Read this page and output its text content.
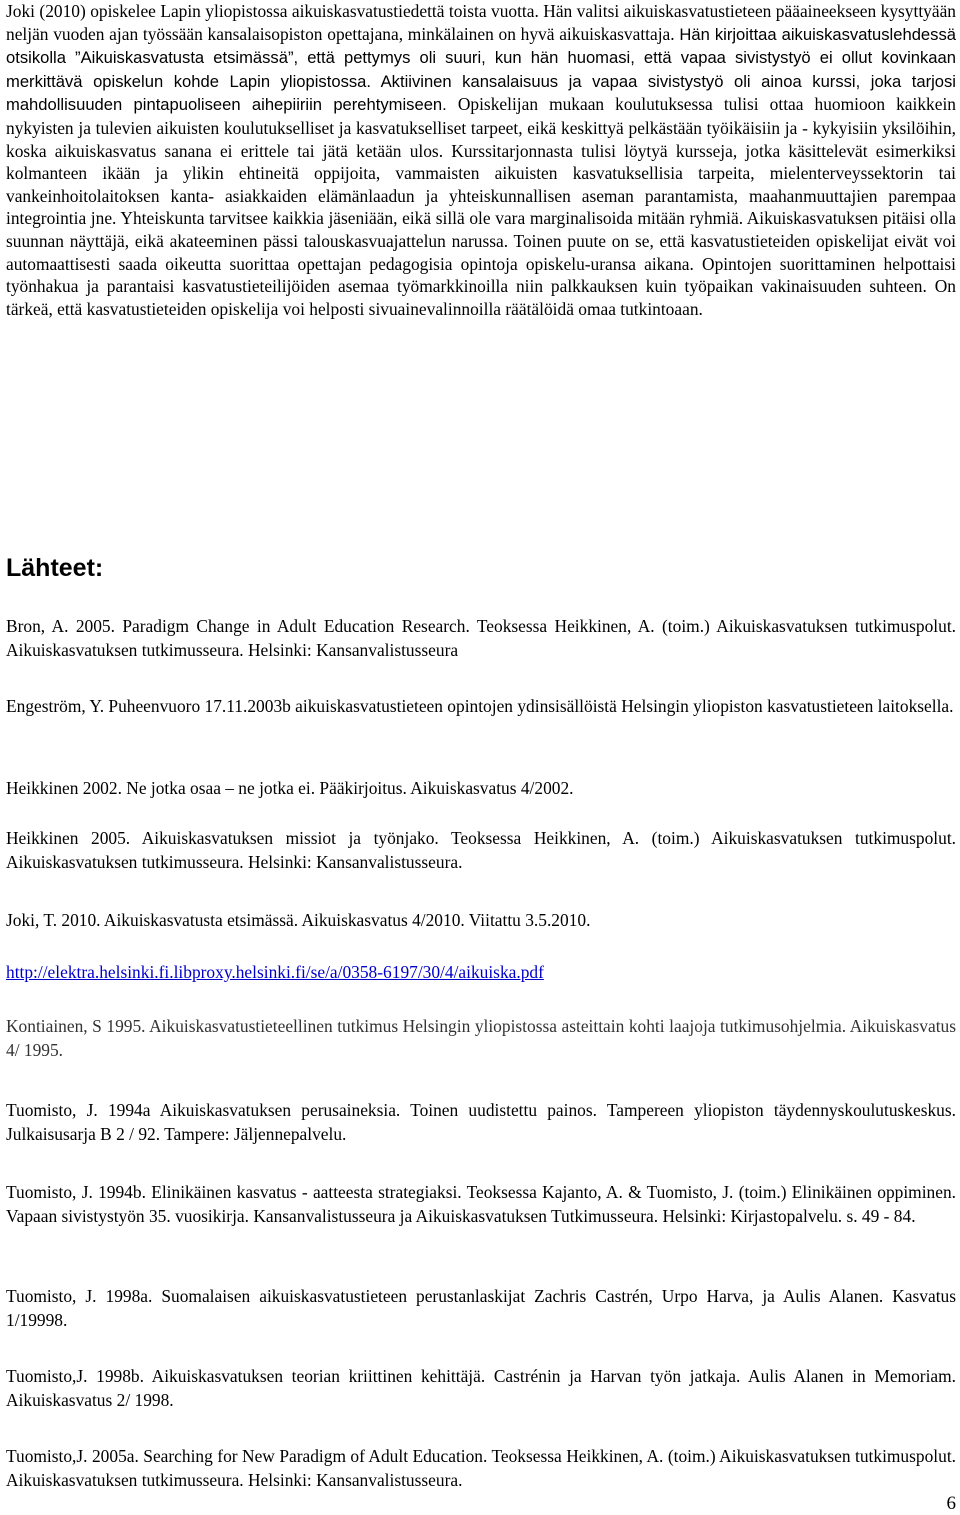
Joki (2010) opiskelee Lapin yliopistossa aikuiskasvatustiedettä toista vuotta. Hän valitsi aikuiskasvatustieteen pääaineekseen kysyttyään neljän vuoden ajan työssään kansalaisopiston opettajana, minkälainen on hyvä aikuiskasvattaja. Hän kirjoittaa aikuiskasvatuslehdessä otsikolla ”Aikuiskasvatusta etsimässä”, että pettymys oli suuri, kun hän huomasi, että vapaa sivistystyö ei ollut kovinkaan merkittävä opiskelun kohde Lapin yliopistossa. Aktiivinen kansalaisuus ja vapaa sivistystyö oli ainoa kurssi, joka tarjosi mahdollisuuden pintapuoliseen aihepiiriin perehtymiseen. Opiskelijan mukaan koulutuksessa tulisi ottaa huomioon kaikkein nykyisten ja tulevien aikuisten koulutukselliset ja kasvatukselliset tarpeet, eikä keskittyä pelkästään työikäisiin ja - kykyisiin yksilöihin, koska aikuiskasvatus sanana ei erittele tai jätä ketään ulos. Kurssitarjonnasta tulisi löytyä kursseja, jotka käsittelevät esimerkiksi kolmanteen ikään ja ylikin ehtineitä oppijoita, vammaisten aikuisten kasvatuksellisia tarpeita, mielenterveyssektorin tai vankeinhoitolaitoksen kanta- asiakkaiden elämänlaadun ja yhteiskunnallisen aseman parantamista, maahanmuuttajien parempaa integrointia jne. Yhteiskunta tarvitsee kaikkia jäseniään, eikä sillä ole vara marginalisoida mitään ryhmiä. Aikuiskasvatuksen pitäisi olla suunnan näyttäjä, eikä akateeminen pässi talouskasvuajattelun narussa. Toinen puute on se, että kasvatustieteiden opiskelijat eivät voi automaattisesti saada oikeutta suorittaa opettajan pedagogisia opintoja opiskelu-uransa aikana. Opintojen suorittaminen helpottaisi työnhakua ja parantaisi kasvatustieteilijöiden asemaa työmarkkinoilla niin palkkauksen kuin työpaikan vakinaisuuden suhteen. On tärkeä, että kasvatustieteiden opiskelija voi helposti sivuainevalinnoilla räätälöidä omaa tutkintoaan.

Lähteet:
Bron, A. 2005. Paradigm Change in Adult Education Research. Teoksessa Heikkinen, A. (toim.) Aikuiskasvatuksen tutkimuspolut. Aikuiskasvatuksen tutkimusseura. Helsinki: Kansanvalistusseura
Engeström, Y. Puheenvuoro 17.11.2003b aikuiskasvatustieteen opintojen ydinsisällöistä Helsingin yliopiston kasvatustieteen laitoksella.
Heikkinen 2002. Ne jotka osaa – ne jotka ei. Pääkirjoitus. Aikuiskasvatus 4/2002.
Heikkinen 2005. Aikuiskasvatuksen missiot ja työnjako. Teoksessa Heikkinen, A. (toim.) Aikuiskasvatuksen tutkimuspolut. Aikuiskasvatuksen tutkimusseura. Helsinki: Kansanvalistusseura.
Joki, T. 2010. Aikuiskasvatusta etsimässä. Aikuiskasvatus 4/2010. Viitattu 3.5.2010.
http://elektra.helsinki.fi.libproxy.helsinki.fi/se/a/0358-6197/30/4/aikuiska.pdf
Kontiainen, S 1995. Aikuiskasvatustieteellinen tutkimus Helsingin yliopistossa asteittain kohti laajoja tutkimusohjelmia. Aikuiskasvatus 4/ 1995.
Tuomisto, J. 1994a Aikuiskasvatuksen perusaineksia. Toinen uudistettu painos. Tampereen yliopiston täydennyskoulutuskeskus. Julkaisusarja B 2 / 92. Tampere: Jäljennepalvelu.
Tuomisto, J. 1994b. Elinikäinen kasvatus - aatteesta strategiaksi. Teoksessa Kajanto, A. & Tuomisto, J. (toim.) Elinikäinen oppiminen. Vapaan sivistystyön 35. vuosikirja. Kansanvalistusseura ja Aikuiskasvatuksen Tutkimusseura. Helsinki: Kirjastopalvelu. s. 49 - 84.
Tuomisto, J. 1998a. Suomalaisen aikuiskasvatustieteen perustanlaskijat Zachris Castrén, Urpo Harva, ja Aulis Alanen. Kasvatus 1/19998.
Tuomisto,J. 1998b. Aikuiskasvatuksen teorian kriittinen kehittäjä. Castrénin ja Harvan työn jatkaja. Aulis Alanen in Memoriam. Aikuiskasvatus 2/ 1998.
Tuomisto,J. 2005a. Searching for New Paradigm of Adult Education. Teoksessa Heikkinen, A. (toim.) Aikuiskasvatuksen tutkimuspolut. Aikuiskasvatuksen tutkimusseura. Helsinki: Kansanvalistusseura.
6
